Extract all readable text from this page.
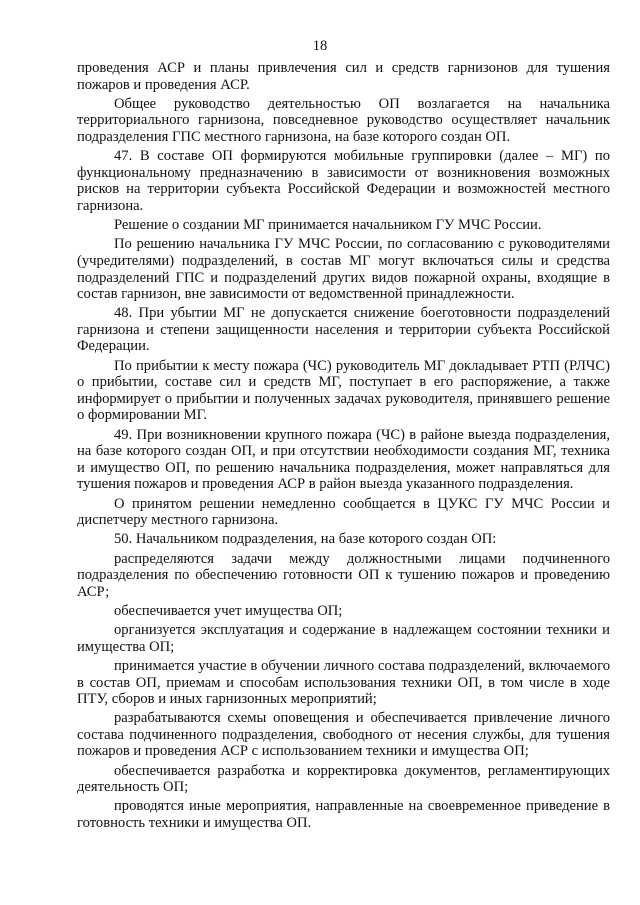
18

проведения АСР и планы привлечения сил и средств гарнизонов для тушения пожаров и проведения АСР.

Общее руководство деятельностью ОП возлагается на начальника территориального гарнизона, повседневное руководство осуществляет начальник подразделения ГПС местного гарнизона, на базе которого создан ОП.

47. В составе ОП формируются мобильные группировки (далее – МГ) по функциональному предназначению в зависимости от возникновения возможных рисков на территории субъекта Российской Федерации и возможностей местного гарнизона.

Решение о создании МГ принимается начальником ГУ МЧС России.

По решению начальника ГУ МЧС России, по согласованию с руководителями (учредителями) подразделений, в состав МГ могут включаться силы и средства подразделений ГПС и подразделений других видов пожарной охраны, входящие в состав гарнизон, вне зависимости от ведомственной принадлежности.

48. При убытии МГ не допускается снижение боеготовности подразделений гарнизона и степени защищенности населения и территории субъекта Российской Федерации.

По прибытии к месту пожара (ЧС) руководитель МГ докладывает РТП (РЛЧС) о прибытии, составе сил и средств МГ, поступает в его распоряжение, а также информирует о прибытии и полученных задачах руководителя, принявшего решение о формировании МГ.

49. При возникновении крупного пожара (ЧС) в районе выезда подразделения, на базе которого создан ОП, и при отсутствии необходимости создания МГ, техника и имущество ОП, по решению начальника подразделения, может направляться для тушения пожаров и проведения АСР в район выезда указанного подразделения.

О принятом решении немедленно сообщается в ЦУКС ГУ МЧС России и диспетчеру местного гарнизона.

50. Начальником подразделения, на базе которого создан ОП:

распределяются задачи между должностными лицами подчиненного подразделения по обеспечению готовности ОП к тушению пожаров и проведению АСР;

обеспечивается учет имущества ОП;

организуется эксплуатация и содержание в надлежащем состоянии техники и имущества ОП;

принимается участие в обучении личного состава подразделений, включаемого в состав ОП, приемам и способам использования техники ОП, в том числе в ходе ПТУ, сборов и иных гарнизонных мероприятий;

разрабатываются схемы оповещения и обеспечивается привлечение личного состава подчиненного подразделения, свободного от несения службы, для тушения пожаров и проведения АСР с использованием техники и имущества ОП;

обеспечивается разработка и корректировка документов, регламентирующих деятельность ОП;

проводятся иные мероприятия, направленные на своевременное приведение в готовность техники и имущества ОП.
